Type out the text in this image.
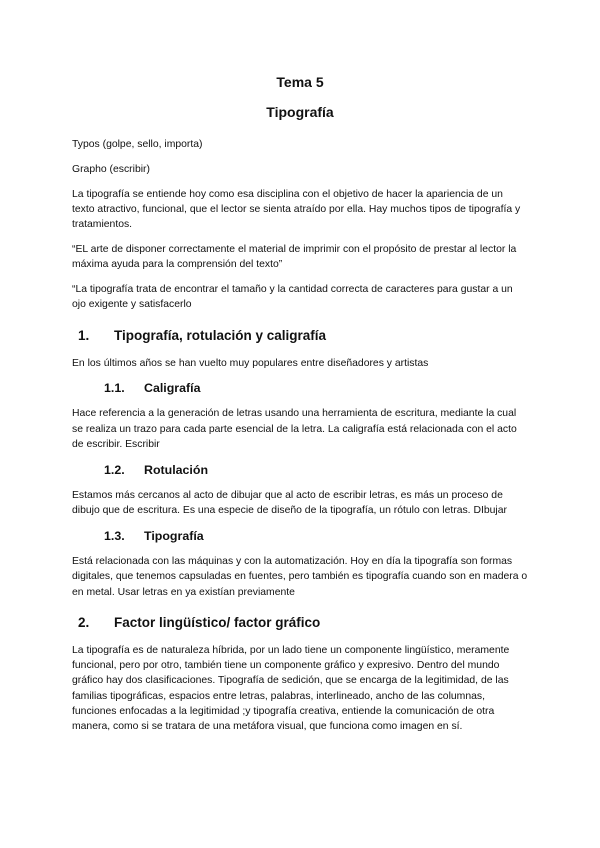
Tema 5
Tipografía

Typos (golpe, sello, importa)

Grapho (escribir)

La tipografía se entiende hoy como esa disciplina con el objetivo de hacer la apariencia de un texto atractivo, funcional, que el lector se sienta atraído por ella. Hay muchos tipos de tipografía y tratamientos.

“EL arte de disponer correctamente el material de imprimir con el propósito de prestar al lector la máxima ayuda para la comprensión del texto”

“La tipografía trata de encontrar el tamaño y la cantidad correcta de caracteres para gustar a un ojo exigente y satisfacerlo

1.	Tipografía, rotulación y caligrafía

En los últimos años se han vuelto muy populares entre diseñadores y artistas

1.1.	Caligrafía

Hace referencia a la generación de letras usando una herramienta de escritura, mediante la cual se realiza un trazo para cada parte esencial de la letra. La caligrafía está relacionada con el acto de escribir. Escribir

1.2.	Rotulación

Estamos más cercanos al acto de dibujar que al acto de escribir letras, es más un proceso de dibujo que de escritura. Es una especie de diseño de la tipografía, un rótulo con letras. DIbujar

1.3.	Tipografía

Está relacionada con las máquinas y con la automatización. Hoy en día la tipografía son formas digitales, que tenemos capsuladas en fuentes, pero también es tipografía cuando son en madera o en metal. Usar letras en ya existían previamente

2.	Factor lingüístico/ factor gráfico

La tipografía es de naturaleza híbrida, por un lado tiene un componente lingüístico, meramente funcional, pero por otro, también tiene un componente gráfico y expresivo. Dentro del mundo gráfico hay dos clasificaciones. Tipografía de sedición, que se encarga de la legitimidad, de las familias tipográficas, espacios entre letras, palabras, interlineado, ancho de las columnas, funciones enfocadas a la legitimidad ;y tipografía creativa, entiende la comunicación de otra manera, como si se tratara de una metáfora visual, que funciona como imagen en sí.
